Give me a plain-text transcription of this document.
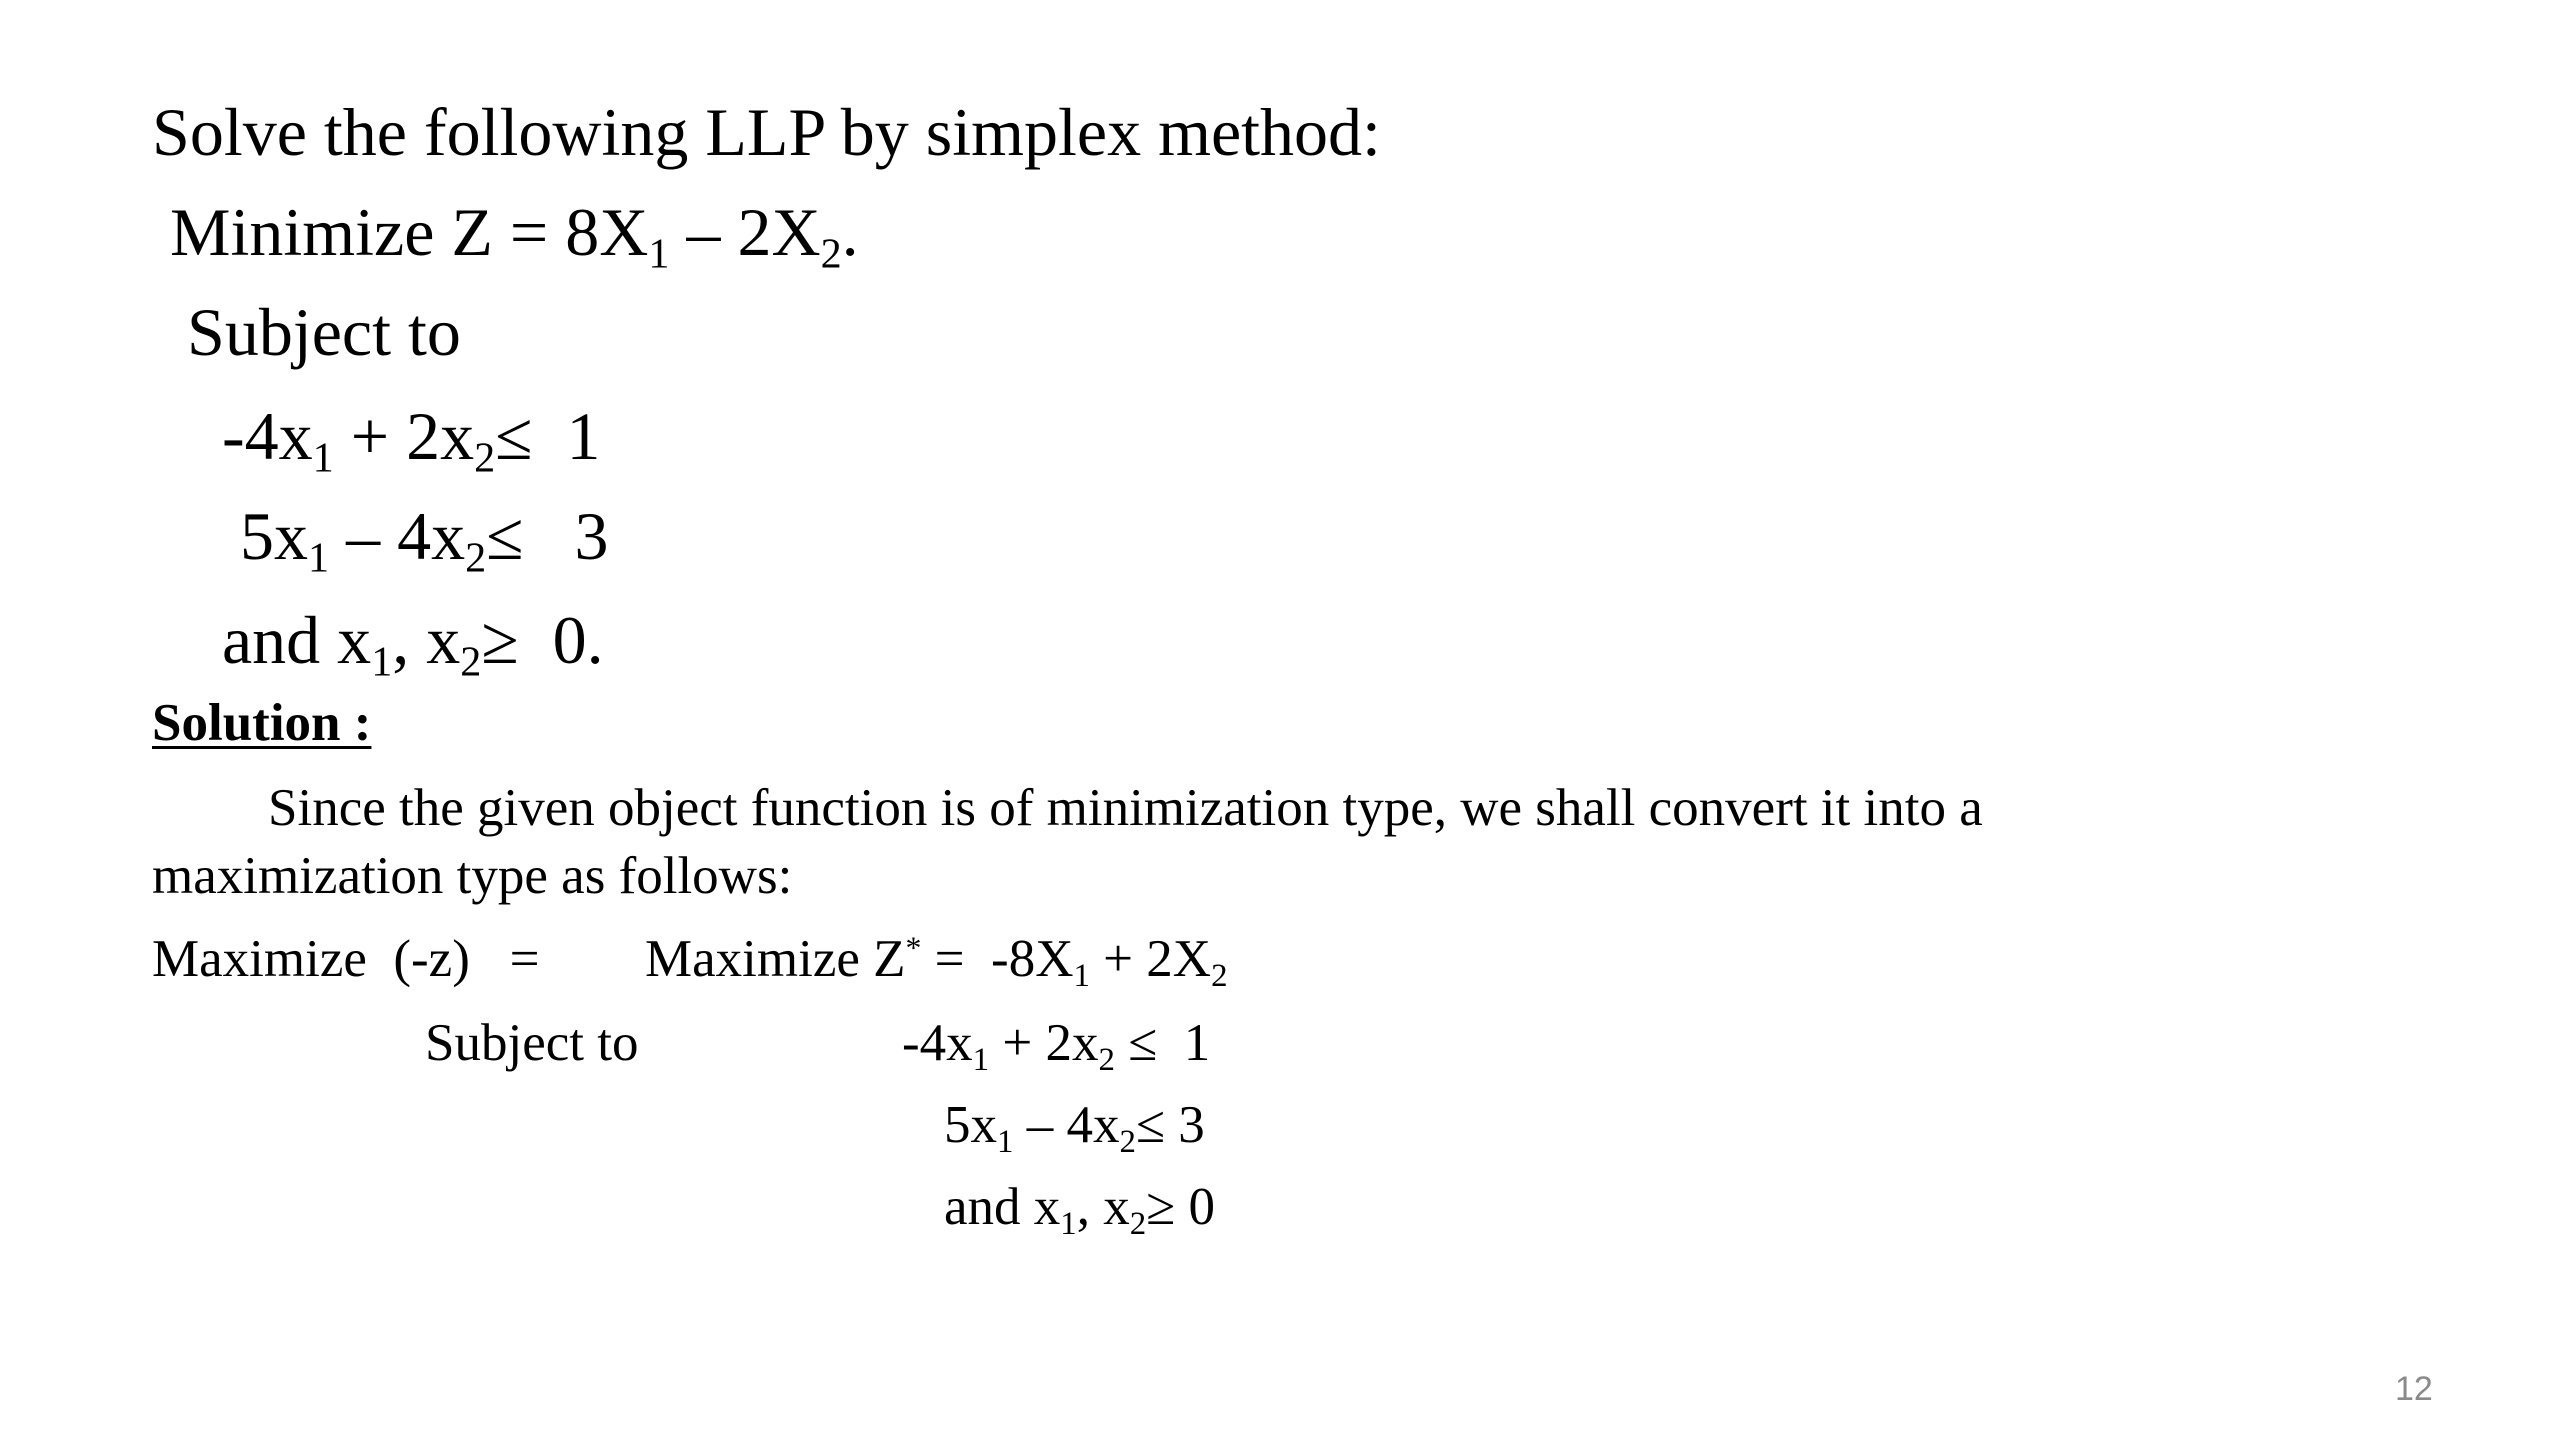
Solve the following LLP by simplex method:
Minimize $Z = 8X_1 - 2X_2$.
Subject to
$-4x_1 + 2x_2\le 1$
$5x_1 - 4x_2\le 3$
and $x_1$, $x_2\ge 0$.
Solution :
Since the given object function is of minimization type, we shall convert it into a
maximization type as follows:
Maximize  (-z)   = Maximize $Z^* = -8X_1 + 2X_2$
Subject to	$-4x_1 + 2x_2 \le 1$
$5x_1 - 4x_2\le 3$
and $x_1$, $x_2\ge 0$
12
